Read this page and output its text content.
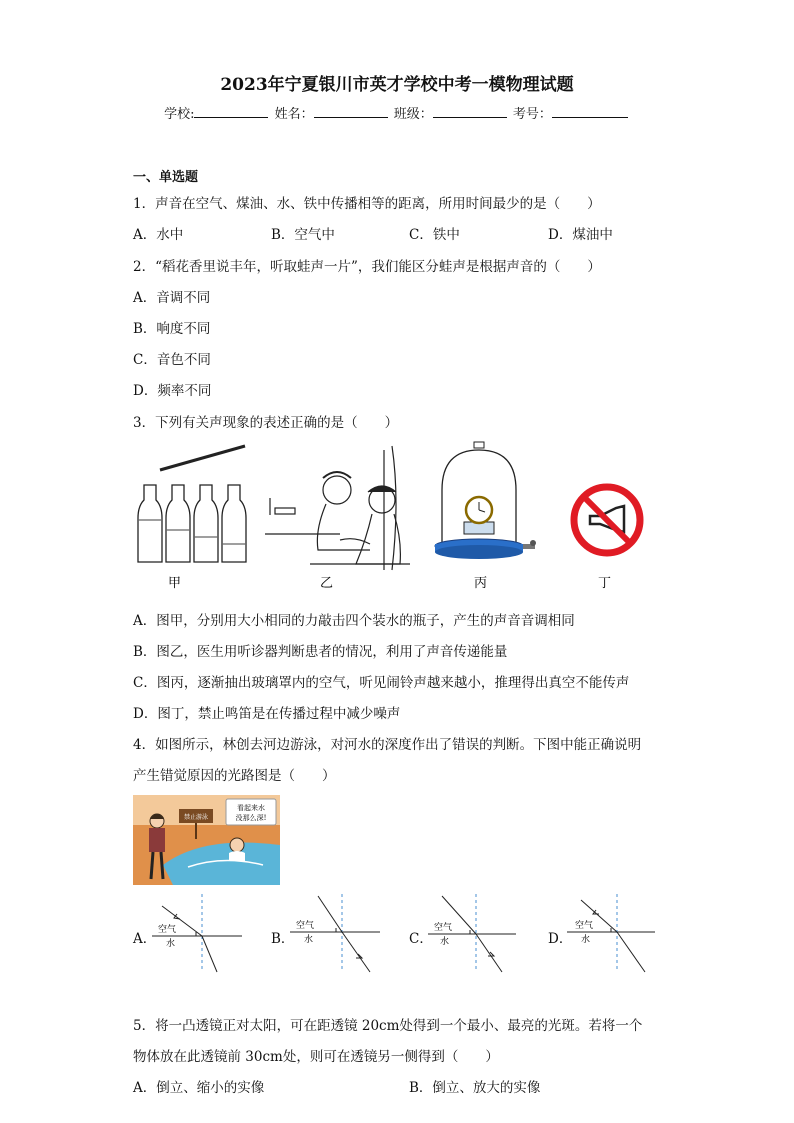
2023年宁夏银川市英才学校中考一模物理试题
学校:	姓名：	班级：	考号：
一、单选题
1．声音在空气、煤油、水、铁中传播相等的距离，所用时间最少的是（　　）
A．水中	B．空气中	C．铁中	D．煤油中
2．“稻花香里说丰年，听取蛙声一片”，我们能区分蛙声是根据声音的（　　）
A．音调不同
B．响度不同
C．音色不同
D．频率不同
3．下列有关声现象的表述正确的是（　　）
甲	乙	丙	丁
A．图甲，分别用大小相同的力敲击四个装水的瓶子，产生的声音音调相同
B．图乙，医生用听诊器判断患者的情况，利用了声音传递能量
C．图丙，逐渐抽出玻璃罩内的空气，听见闹铃声越来越小，推理得出真空不能传声
D．图丁，禁止鸣笛是在传播过程中减少噪声
4．如图所示，林创去河边游泳，对河水的深度作出了错误的判断。下图中能正确说明
产生错觉原因的光路图是（　　）
禁止游泳
看起来水
没那么深!
A．
空气
水	B．
空气
水	C．
空气
水	D．
空气
水
5．将一凸透镜正对太阳，可在距透镜 20cm处得到一个最小、最亮的光斑。若将一个
物体放在此透镜前 30cm处，则可在透镜另一侧得到（　　）
A．倒立、缩小的实像	B．倒立、放大的实像
